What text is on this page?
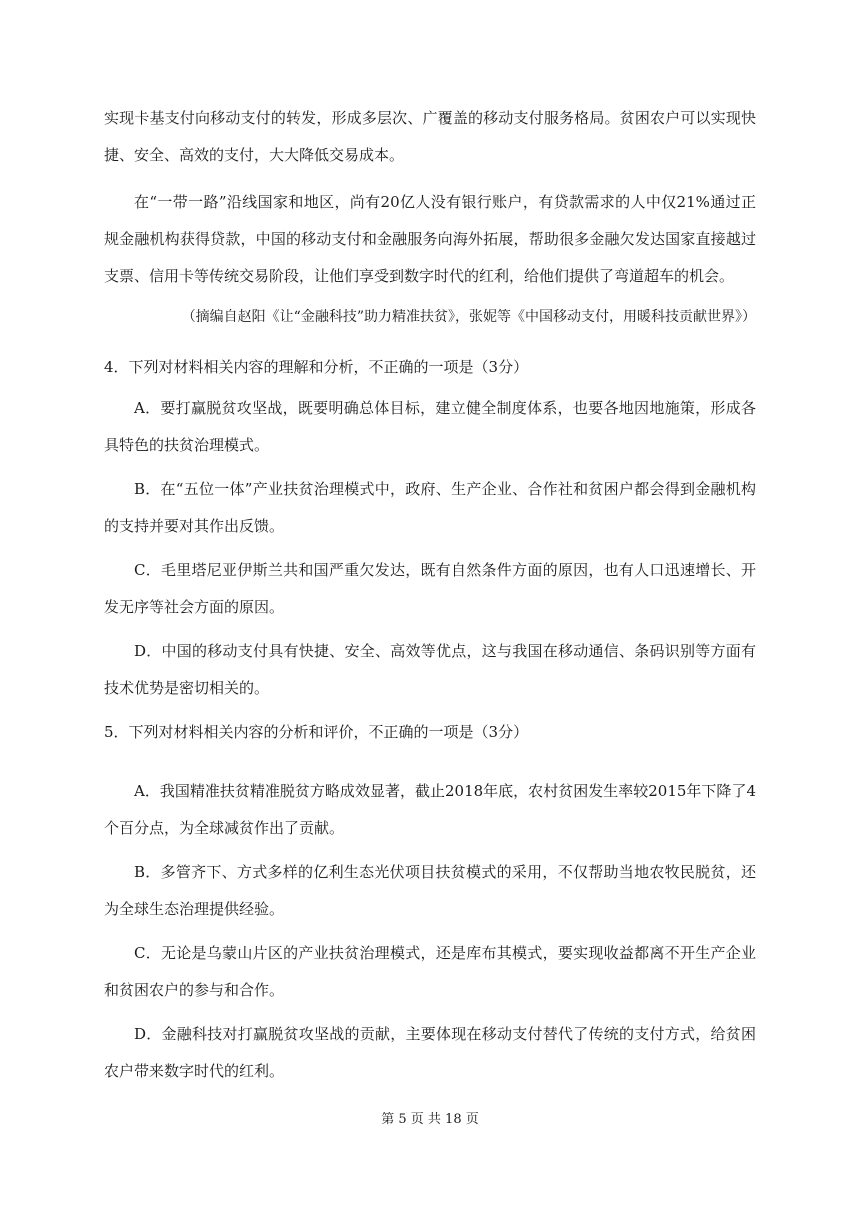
实现卡基支付向移动支付的转发，形成多层次、广覆盖的移动支付服务格局。贫困农户可以实现快捷、安全、高效的支付，大大降低交易成本。

在“一带一路”沿线国家和地区，尚有20亿人没有银行账户，有贷款需求的人中仅21%通过正规金融机构获得贷款，中国的移动支付和金融服务向海外拓展，帮助很多金融欠发达国家直接越过支票、信用卡等传统交易阶段，让他们享受到数字时代的红利，给他们提供了弯道超车的机会。

（摘编自赵阳《让“金融科技”助力精准扶贫》，张妮等《中国移动支付，用暖科技贡献世界》）

4．下列对材料相关内容的理解和分析，不正确的一项是（3分）

A．要打赢脱贫攻坚战，既要明确总体目标，建立健全制度体系，也要各地因地施策，形成各具特色的扶贫治理模式。

B．在“五位一体”产业扶贫治理模式中，政府、生产企业、合作社和贫困户都会得到金融机构的支持并要对其作出反馈。

C．毛里塔尼亚伊斯兰共和国严重欠发达，既有自然条件方面的原因，也有人口迅速增长、开发无序等社会方面的原因。

D．中国的移动支付具有快捷、安全、高效等优点，这与我国在移动通信、条码识别等方面有技术优势是密切相关的。

5．下列对材料相关内容的分析和评价，不正确的一项是（3分）

A．我国精准扶贫精准脱贫方略成效显著，截止2018年底，农村贫困发生率较2015年下降了4个百分点，为全球减贫作出了贡献。

B．多管齐下、方式多样的亿利生态光伏项目扶贫模式的采用，不仅帮助当地农牧民脱贫，还为全球生态治理提供经验。

C．无论是乌蒙山片区的产业扶贫治理模式，还是库布其模式，要实现收益都离不开生产企业和贫困农户的参与和合作。

D．金融科技对打赢脱贫攻坚战的贡献，主要体现在移动支付替代了传统的支付方式，给贫困农户带来数字时代的红利。

第 5 页 共 18 页
